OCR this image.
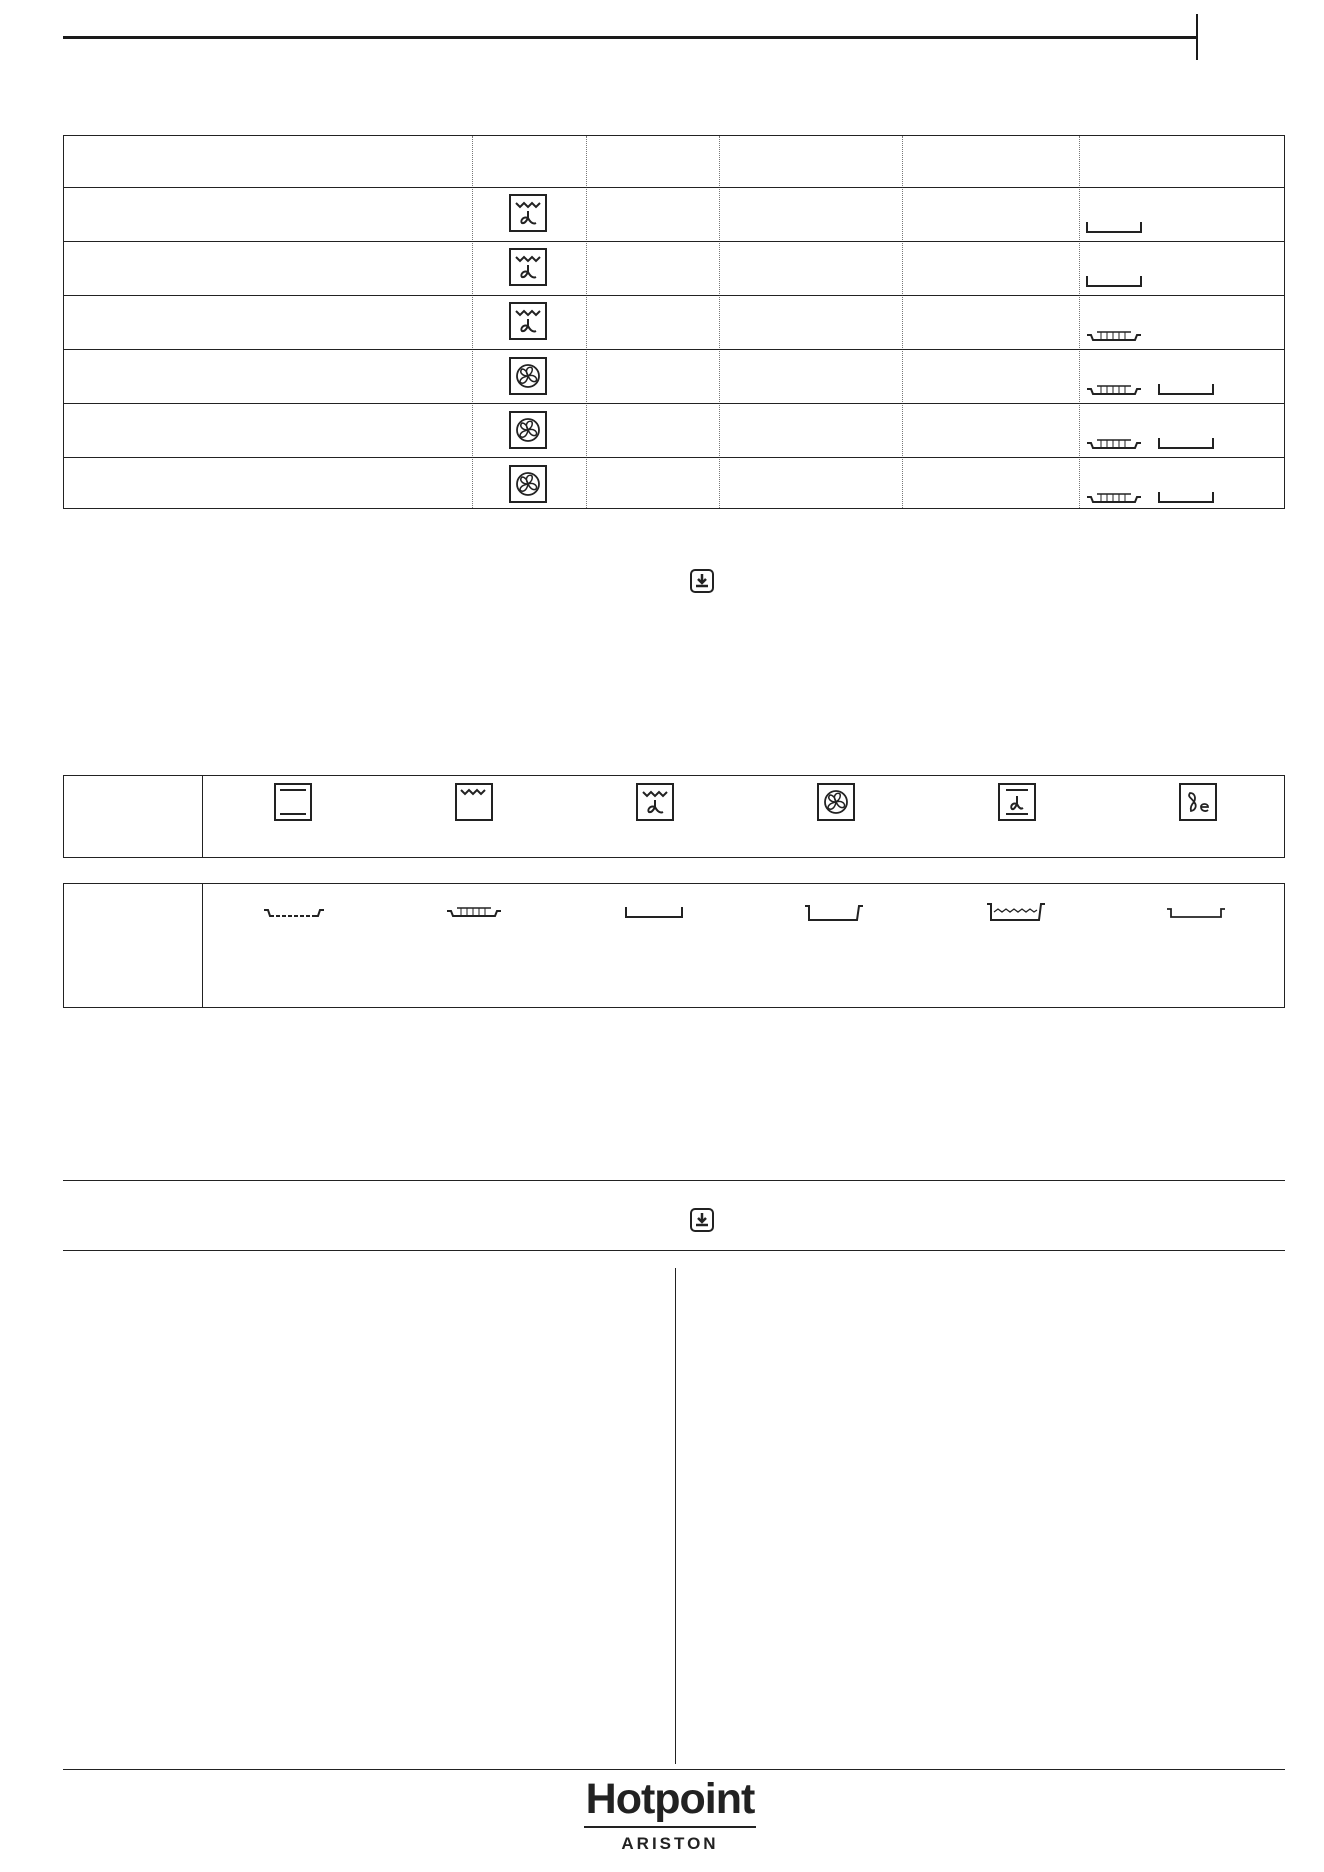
Hotpoint
ARISTON
